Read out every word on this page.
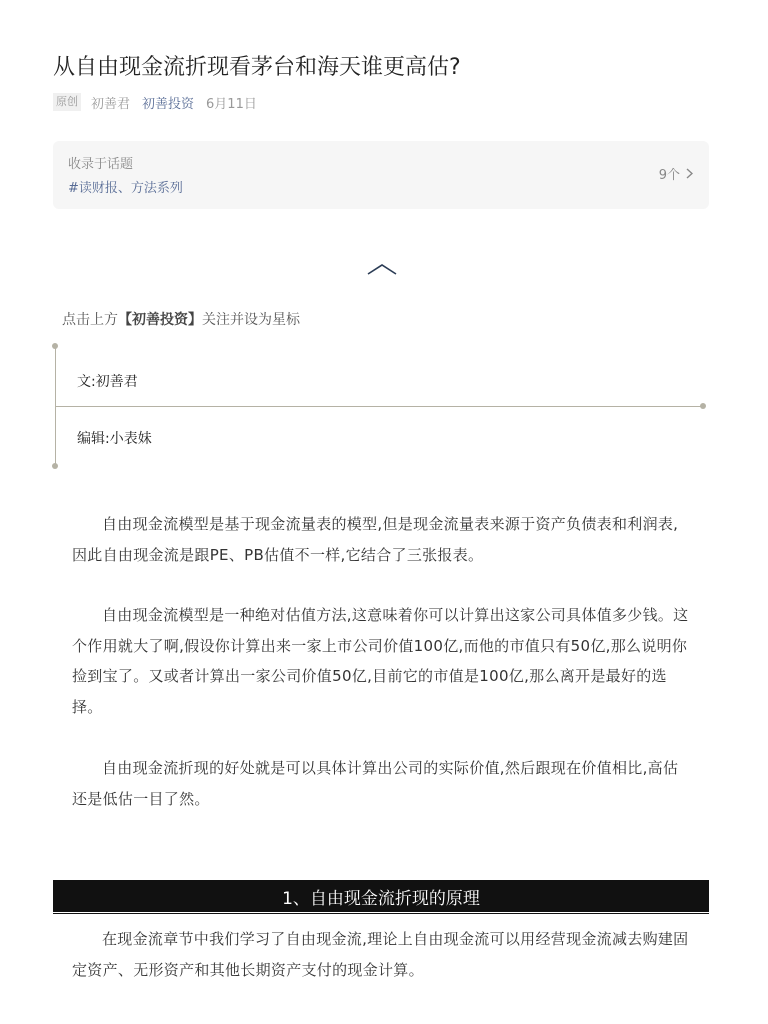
从自由现金流折现看茅台和海天谁更高估?
原创 初善君 初善投资 6月11日
收录于话题
#读财报、方法系列
9个
点击上方【初善投资】关注并设为星标
文:初善君
编辑:小表妹

自由现金流模型是基于现金流量表的模型,但是现金流量表来源于资产负债表和利润表,因此自由现金流是跟PE、PB估值不一样,它结合了三张报表。

自由现金流模型是一种绝对估值方法,这意味着你可以计算出这家公司具体值多少钱。这个作用就大了啊,假设你计算出来一家上市公司价值100亿,而他的市值只有50亿,那么说明你捡到宝了。又或者计算出一家公司价值50亿,目前它的市值是100亿,那么离开是最好的选择。

自由现金流折现的好处就是可以具体计算出公司的实际价值,然后跟现在价值相比,高估还是低估一目了然。

1、自由现金流折现的原理

在现金流章节中我们学习了自由现金流,理论上自由现金流可以用经营现金流减去购建固定资产、无形资产和其他长期资产支付的现金计算。
